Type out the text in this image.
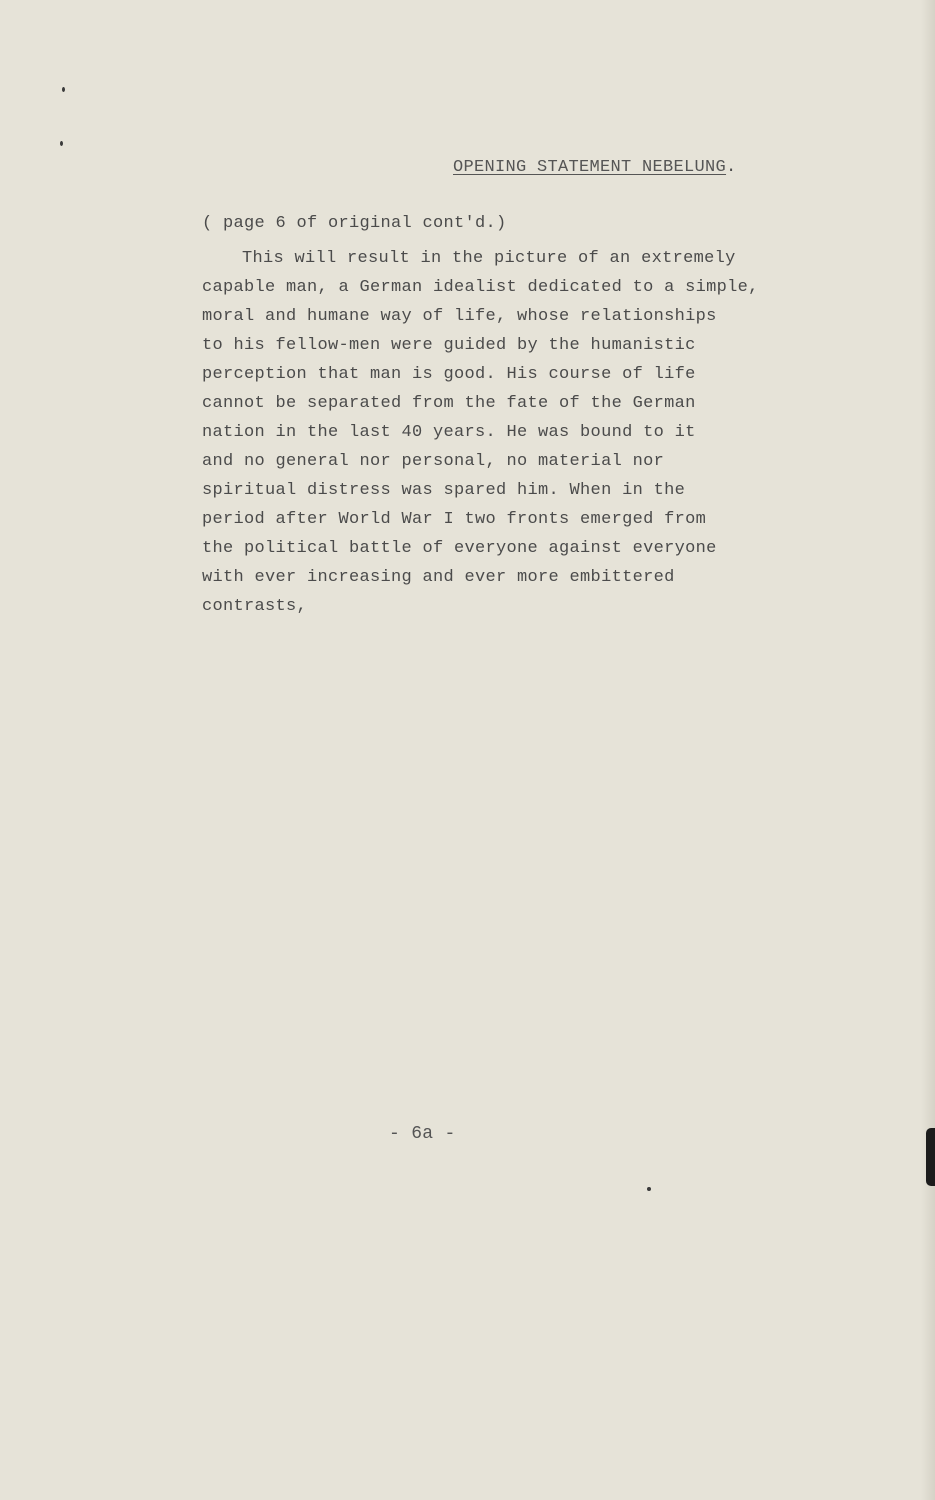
OPENING STATEMENT NEBELUNG.
( page 6 of original cont'd.)
This will result in the picture of an extremely
capable man, a German idealist dedicated to a simple,
moral and humane way of life, whose relationships
to his fellow-men were guided by the humanistic
perception that man is good. His course of life
cannot be separated from the fate of the German
nation in the last 40 years. He was bound to it
and no general nor personal, no material nor
spiritual distress was spared him. When in the
period after World War I two fronts emerged from
the political battle of everyone against everyone
with ever increasing and ever more embittered
contrasts,
- 6a -
